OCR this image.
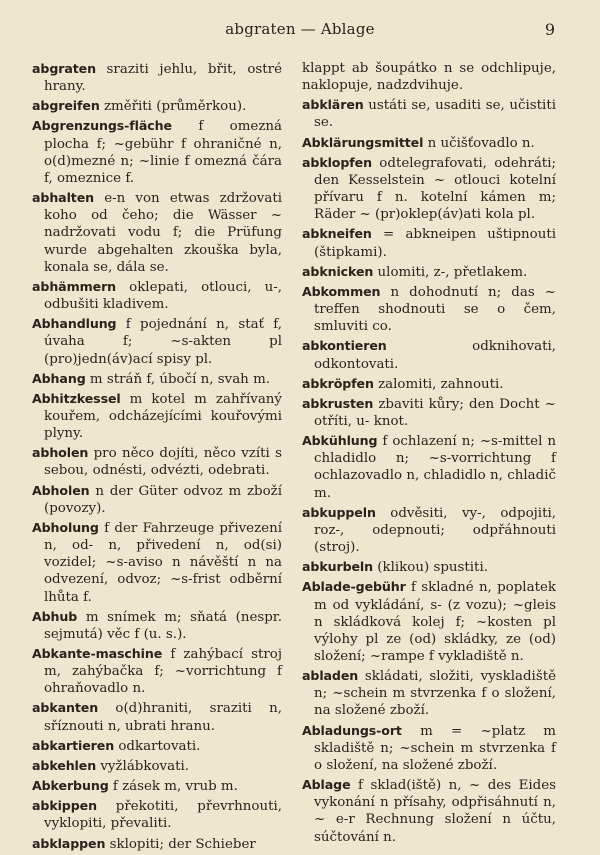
abgraten — Ablage	9
abgraten sraziti jehlu, břit, ostré hrany.
abgreifen změřiti (průměrkou).
Abgrenzungs-fläche f omezná plocha f; ~gebühr f ohraničné n, o(d)mezné n; ~linie f omezná čára f, omeznice f.
abhalten e-n von etwas zdržovati koho od čeho; die Wässer ~ nadržovati vodu f; die Prüfung wurde abgehalten zkouška byla, konala se, dála se.
abhämmern oklepati, otlouci, u-, odbušiti kladivem.
Abhandlung f pojednání n, stať f, úvaha f; ~s-akten pl (pro)jedn(áv)ací spisy pl.
Abhang m stráň f, úbočí n, svah m.
Abhitzkessel m kotel m zahřívaný kouřem, odcházejícími kouřovými plyny.
abholen pro něco dojíti, něco vzíti s sebou, odnésti, odvézti, odebrati.
Abholen n der Güter odvoz m zboží (povozy).
Abholung f der Fahrzeuge přivezení n, od- n, přivedení n, od(si) vozidel; ~s-aviso n návěští n na odvezení, odvoz; ~s-frist odběrní lhůta f.
Abhub m snímek m; sňatá (nespr. sejmutá) věc f (u. s.).
Abkante-maschine f zahýbací stroj m, zahýbačka f; ~vorrichtung f ohraňovadlo n.
abkanten o(d)hraniti, sraziti n, sříznouti n, ubrati hranu.
abkartieren odkartovati.
abkehlen vyžlábkovati.
Abkerbung f zásek m, vrub m.
abkippen překotiti, převrhnouti, vyklopiti, převaliti.
abklappen sklopiti; der Schieber
klappt ab šoupátko n se odchlipuje, naklopuje, nadzdvihuje.
abklären ustáti se, usaditi se, učistiti se.
Abklärungsmittel n učišťovadlo n.
abklopfen odtelegrafovati, odehráti; den Kesselstein ~ otlouci kotelní přívaru f n. kotelní kámen m; Räder ~ (pr)oklep(áv)ati kola pl.
abkneifen = abkneipen uštipnouti (štipkami).
abknicken ulomiti, z-, přetlakem.
Abkommen n dohodnutí n; das ~ treffen shodnouti se o čem, smluviti co.
abkontieren odknihovati, odkontovati.
abkröpfen zalomiti, zahnouti.
abkrusten zbaviti kůry; den Docht ~ otříti, u- knot.
Abkühlung f ochlazení n; ~s-mittel n chladidlo n; ~s-vorrichtung f ochlazovadlo n, chladidlo n, chladič m.
abkuppeln odvěsiti, vy-, odpojiti, roz-, odepnouti; odpřáhnouti (stroj).
abkurbeln (klikou) spustiti.
Ablade-gebühr f skladné n, poplatek m od vykládání, s- (z vozu); ~gleis n skládková kolej f; ~kosten pl výlohy pl ze (od) skládky, ze (od) složení; ~rampe f vykladiště n.
abladen skládati, složiti, vyskladiště n; ~schein m stvrzenka f o složení, na složené zboží.
Abladungs-ort m = ~platz m skladiště n; ~schein m stvrzenka f o složení, na složené zboží.
Ablage f sklad(iště) n, ~ des Eides vykonání n přísahy, odpřisáhnutí n, ~ e-r Rechnung složení n účtu, súčtování n.
